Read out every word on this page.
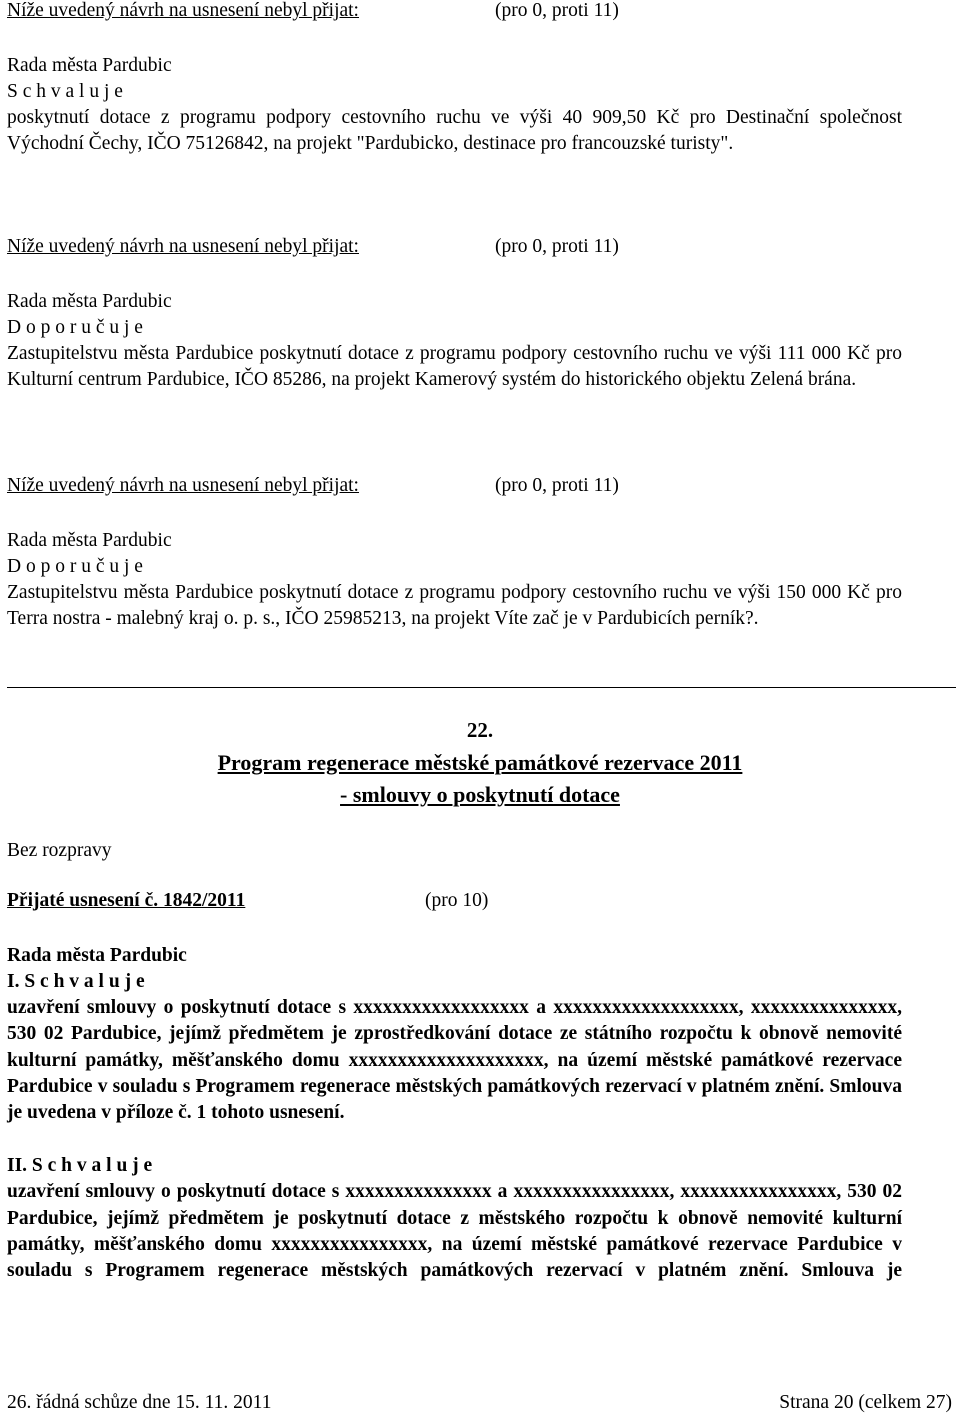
Níže uvedený návrh na usnesení nebyl přijat:	(pro 0, proti 11)
Rada města Pardubic
S c h v a l u j e
poskytnutí dotace z programu podpory cestovního ruchu ve výši 40 909,50 Kč pro Destinační společnost Východní Čechy, IČO 75126842, na projekt "Pardubicko, destinace pro francouzské turisty".
Níže uvedený návrh na usnesení nebyl přijat:	(pro 0, proti 11)
Rada města Pardubic
D o p o r u č u j e
Zastupitelstvu města Pardubice poskytnutí dotace z programu podpory cestovního ruchu ve výši 111 000 Kč pro Kulturní centrum Pardubice, IČO 85286, na projekt Kamerový systém do historického objektu Zelená brána.
Níže uvedený návrh na usnesení nebyl přijat:	(pro 0, proti 11)
Rada města Pardubic
D o p o r u č u j e
Zastupitelstvu města Pardubice poskytnutí dotace z programu podpory cestovního ruchu ve výši 150 000 Kč pro Terra nostra - malebný kraj o. p. s., IČO 25985213, na projekt Víte zač je v Pardubicích perník?.
22.
Program regenerace městské památkové rezervace 2011
- smlouvy o poskytnutí dotace
Bez rozpravy
Přijaté usnesení č. 1842/2011	(pro 10)
Rada města Pardubic
I. S c h v a l u j e
uzavření smlouvy o poskytnutí dotace s xxxxxxxxxxxxxxxxxx a xxxxxxxxxxxxxxxxxxx, xxxxxxxxxxxxxxx, 530 02 Pardubice, jejímž předmětem je zprostředkování dotace ze státního rozpočtu k obnově nemovité kulturní památky, měšťanského domu xxxxxxxxxxxxxxxxxxxx, na území městské památkové rezervace Pardubice v souladu s Programem regenerace městských památkových rezervací v platném znění. Smlouva je uvedena v příloze č. 1 tohoto usnesení.
II. S c h v a l u j e
uzavření smlouvy o poskytnutí dotace s xxxxxxxxxxxxxxx a xxxxxxxxxxxxxxxx, xxxxxxxxxxxxxxxx, 530 02 Pardubice, jejímž předmětem je poskytnutí dotace z městského rozpočtu k obnově nemovité kulturní památky, měšťanského domu xxxxxxxxxxxxxxxx, na území městské památkové rezervace Pardubice v souladu s Programem regenerace městských památkových rezervací v platném znění. Smlouva je
26. řádná schůze dne 15. 11. 2011	Strana 20 (celkem 27)
